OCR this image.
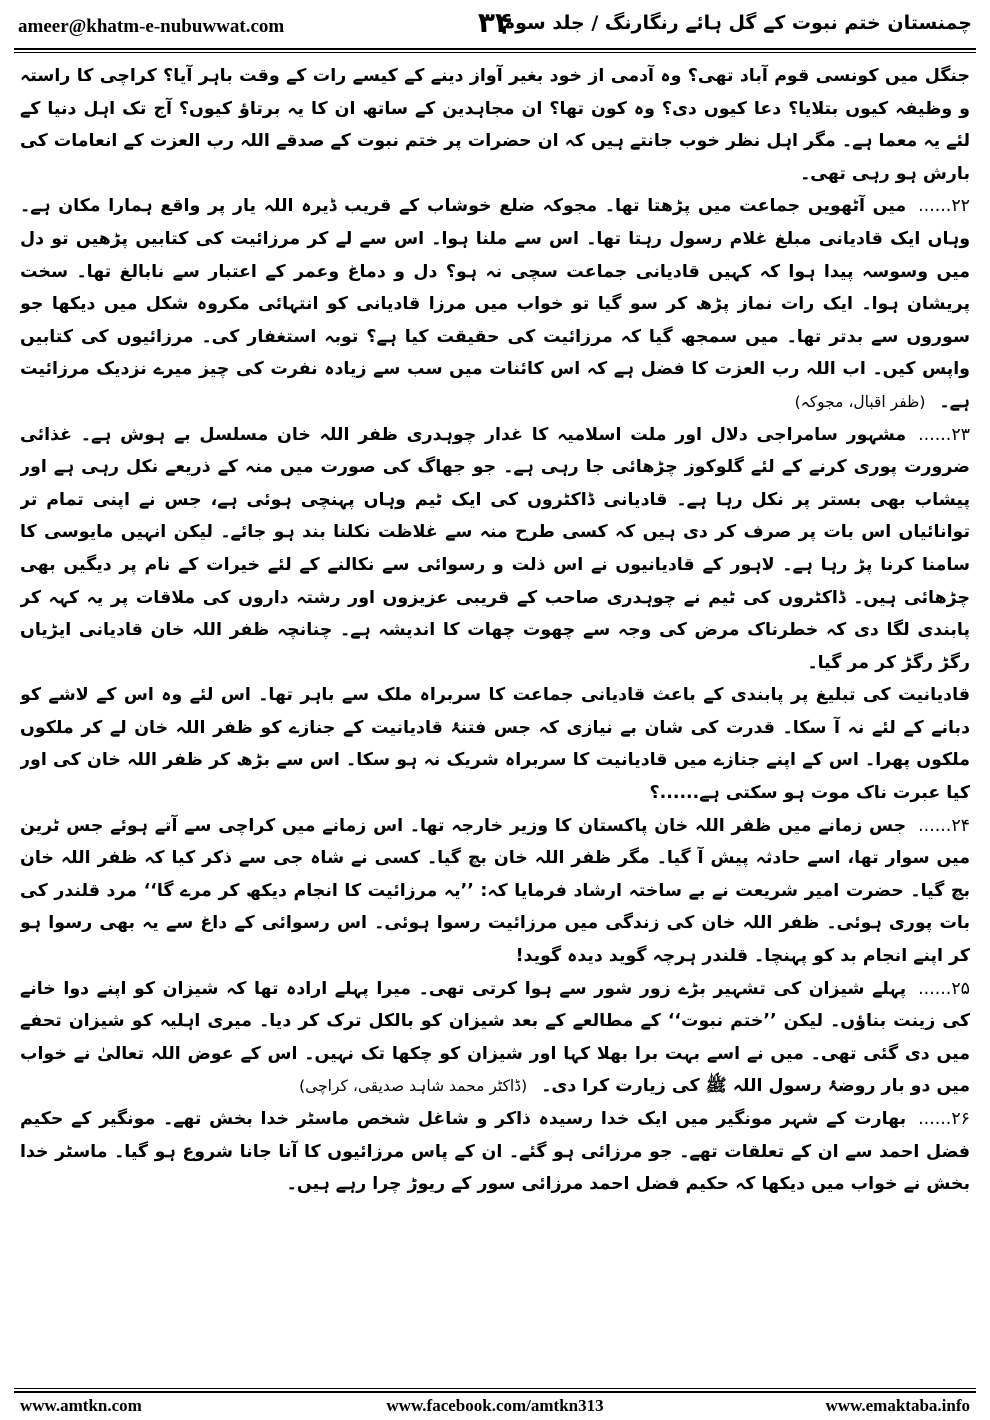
ameer@khatm-e-nubuwwat.com	۳۴
چمنستان ختم نبوت کے گل ہائے رنگارنگ / جلد سوم

جنگل میں کونسی قوم آباد تھی؟ وہ آدمی از خود بغیر آواز دینے کے کیسے رات کے وقت باہر آیا؟ کراچی کا راستہ و وظیفہ کیوں بتلایا؟ دعا کیوں دی؟ وہ کون تھا؟ ان مجاہدین کے ساتھ ان کا یہ برتاؤ کیوں؟ آج تک اہل دنیا کے لئے یہ معما ہے۔ مگر اہل نظر خوب جانتے ہیں کہ ان حضرات پر ختم نبوت کے صدقے اللہ رب العزت کے انعامات کی بارش ہو رہی تھی۔

۲۲......میں آٹھویں جماعت میں پڑھتا تھا۔ مجوکہ ضلع خوشاب کے قریب ڈیرہ اللہ یار پر واقع ہمارا مکان ہے۔ وہاں ایک قادیانی مبلغ غلام رسول رہتا تھا۔ اس سے ملنا ہوا۔ اس سے لے کر مرزائیت کی کتابیں پڑھیں تو دل میں وسوسہ پیدا ہوا کہ کہیں قادیانی جماعت سچی نہ ہو؟ دل و دماغ وعمر کے اعتبار سے نابالغ تھا۔ سخت پریشان ہوا۔ ایک رات نماز پڑھ کر سو گیا تو خواب میں مرزا قادیانی کو انتہائی مکروہ شکل میں دیکھا جو سوروں سے بدتر تھا۔ میں سمجھ گیا کہ مرزائیت کی حقیقت کیا ہے؟ توبہ استغفار کی۔ مرزائیوں کی کتابیں واپس کیں۔ اب اللہ رب العزت کا فضل ہے کہ اس کائنات میں سب سے زیادہ نفرت کی چیز میرے نزدیک مرزائیت ہے۔(ظفر اقبال، مجوکہ)

۲۳......مشہور سامراجی دلال اور ملت اسلامیہ کا غدار چوہدری ظفر اللہ خان مسلسل بے ہوش ہے۔ غذائی ضرورت پوری کرنے کے لئے گلوکوز چڑھائی جا رہی ہے۔ جو جھاگ کی صورت میں منہ کے ذریعے نکل رہی ہے اور پیشاب بھی بستر پر نکل رہا ہے۔ قادیانی ڈاکٹروں کی ایک ٹیم وہاں پہنچی ہوئی ہے، جس نے اپنی تمام تر توانائیاں اس بات پر صرف کر دی ہیں کہ کسی طرح منہ سے غلاظت نکلنا بند ہو جائے۔ لیکن انہیں مایوسی کا سامنا کرنا پڑ رہا ہے۔ لاہور کے قادیانیوں نے اس ذلت و رسوائی سے نکالنے کے لئے خیرات کے نام پر دیگیں بھی چڑھائی ہیں۔ ڈاکٹروں کی ٹیم نے چوہدری صاحب کے قریبی عزیزوں اور رشتہ داروں کی ملاقات پر یہ کہہ کر پابندی لگا دی کہ خطرناک مرض کی وجہ سے چھوت چھات کا اندیشہ ہے۔ چنانچہ ظفر اللہ خان قادیانی ایڑیاں رگڑ رگڑ کر مر گیا۔

قادیانیت کی تبلیغ پر پابندی کے باعث قادیانی جماعت کا سربراہ ملک سے باہر تھا۔ اس لئے وہ اس کے لاشے کو دبانے کے لئے نہ آ سکا۔ قدرت کی شان بے نیازی کہ جس فتنۂ قادیانیت کے جنازے کو ظفر اللہ خان لے کر ملکوں ملکوں پھرا۔ اس کے اپنے جنازے میں قادیانیت کا سربراہ شریک نہ ہو سکا۔ اس سے بڑھ کر ظفر اللہ خان کی اور کیا عبرت ناک موت ہو سکتی ہے......؟

۲۴......جس زمانے میں ظفر اللہ خان پاکستان کا وزیر خارجہ تھا۔ اس زمانے میں کراچی سے آتے ہوئے جس ٹرین میں سوار تھا، اسے حادثہ پیش آ گیا۔ مگر ظفر اللہ خان بچ گیا۔ کسی نے شاہ جی سے ذکر کیا کہ ظفر اللہ خان بچ گیا۔ حضرت امیر شریعت نے بے ساختہ ارشاد فرمایا کہ: ’’یہ مرزائیت کا انجام دیکھ کر مرے گا‘‘ مرد قلندر کی بات پوری ہوئی۔ ظفر اللہ خان کی زندگی میں مرزائیت رسوا ہوئی۔ اس رسوائی کے داغ سے یہ بھی رسوا ہو کر اپنے انجام بد کو پہنچا۔ قلندر ہرچہ گوید دیدہ گوید!

۲۵......پہلے شیزان کی تشہیر بڑے زور شور سے ہوا کرتی تھی۔ میرا پہلے ارادہ تھا کہ شیزان کو اپنے دوا خانے کی زینت بناؤں۔ لیکن ’’ختم نبوت‘‘ کے مطالعے کے بعد شیزان کو بالکل ترک کر دیا۔ میری اہلیہ کو شیزان تحفے میں دی گئی تھی۔ میں نے اسے بہت برا بھلا کہا اور شیزان کو چکھا تک نہیں۔ اس کے عوض اللہ تعالیٰ نے خواب میں دو بار روضۂ رسول اللہ ﷺ کی زیارت کرا دی۔(ڈاکٹر محمد شاہد صدیقی، کراچی)

۲۶......بھارت کے شہر مونگیر میں ایک خدا رسیدہ ذاکر و شاغل شخص ماسٹر خدا بخش تھے۔ مونگیر کے حکیم فضل احمد سے ان کے تعلقات تھے۔ جو مرزائی ہو گئے۔ ان کے پاس مرزائیوں کا آنا جانا شروع ہو گیا۔ ماسٹر خدا بخش نے خواب میں دیکھا کہ حکیم فضل احمد مرزائی سور کے ریوڑ چرا رہے ہیں۔

www.amtkn.com	www.facebook.com/amtkn313	www.emaktaba.info
